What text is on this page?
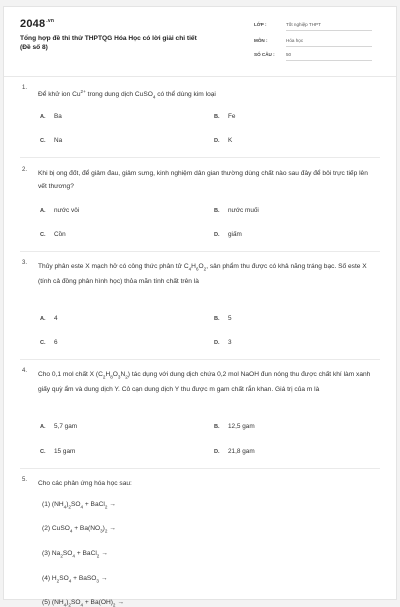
$2048^{.vn}$
Tổng hợp đề thi thử THPTQG Hóa Học có lời giải chi tiết
(Đề số 8)
LỚP :	Tốt nghiệp THPT
MÔN :	Hóa học
SỐ CÂU : 50
1.
Để khử ion $Cu^{2+}$ trong dung dịch CuSO$_4$ có thể dùng kim loại
A. Ba	B. Fe
C. Na	D. K
2. Khi bị ong đốt, để giảm đau, giảm sưng, kinh nghiệm dân gian thường dùng chất nào sau đây để bôi trực tiếp lên vết thương?
A. nước vôi	B. nước muối
C. Cồn	D. giấm
3. Thủy phân este X mạch hở có công thức phân tử $C_4H_6O_2$, sản phẩm thu được có khả năng tráng bạc. Số este X (tính cả đồng phân hình học) thỏa mãn tính chất trên là
A. 4	B. 5
C. 6	D. 3
4. Cho 0,1 mol chất X $(C_2H_8O_3N_2)$ tác dụng với dung dịch chứa 0,2 mol NaOH đun nóng thu được chất khí làm xanh giấy quỳ ẩm và dung dịch Y. Cô cạn dung dịch Y thu được m gam chất rắn khan. Giá trị của m là
A. 5,7 gam	B. 12,5 gam
C. 15 gam	D. 21,8 gam
5. Cho các phản ứng hóa học sau:
(1) $(NH_4)_2SO_4$ + BaCl$_2$ →
(2) CuSO$_4$ + $Ba(NO_3)_2$ →
(3) $Na_2SO_4$ + BaCl$_2$ →
(4) $H_2SO_4$ + BaSO$_3$ →
(5) $(NH_4)_2SO_4 + Ba(OH)_2$ →
